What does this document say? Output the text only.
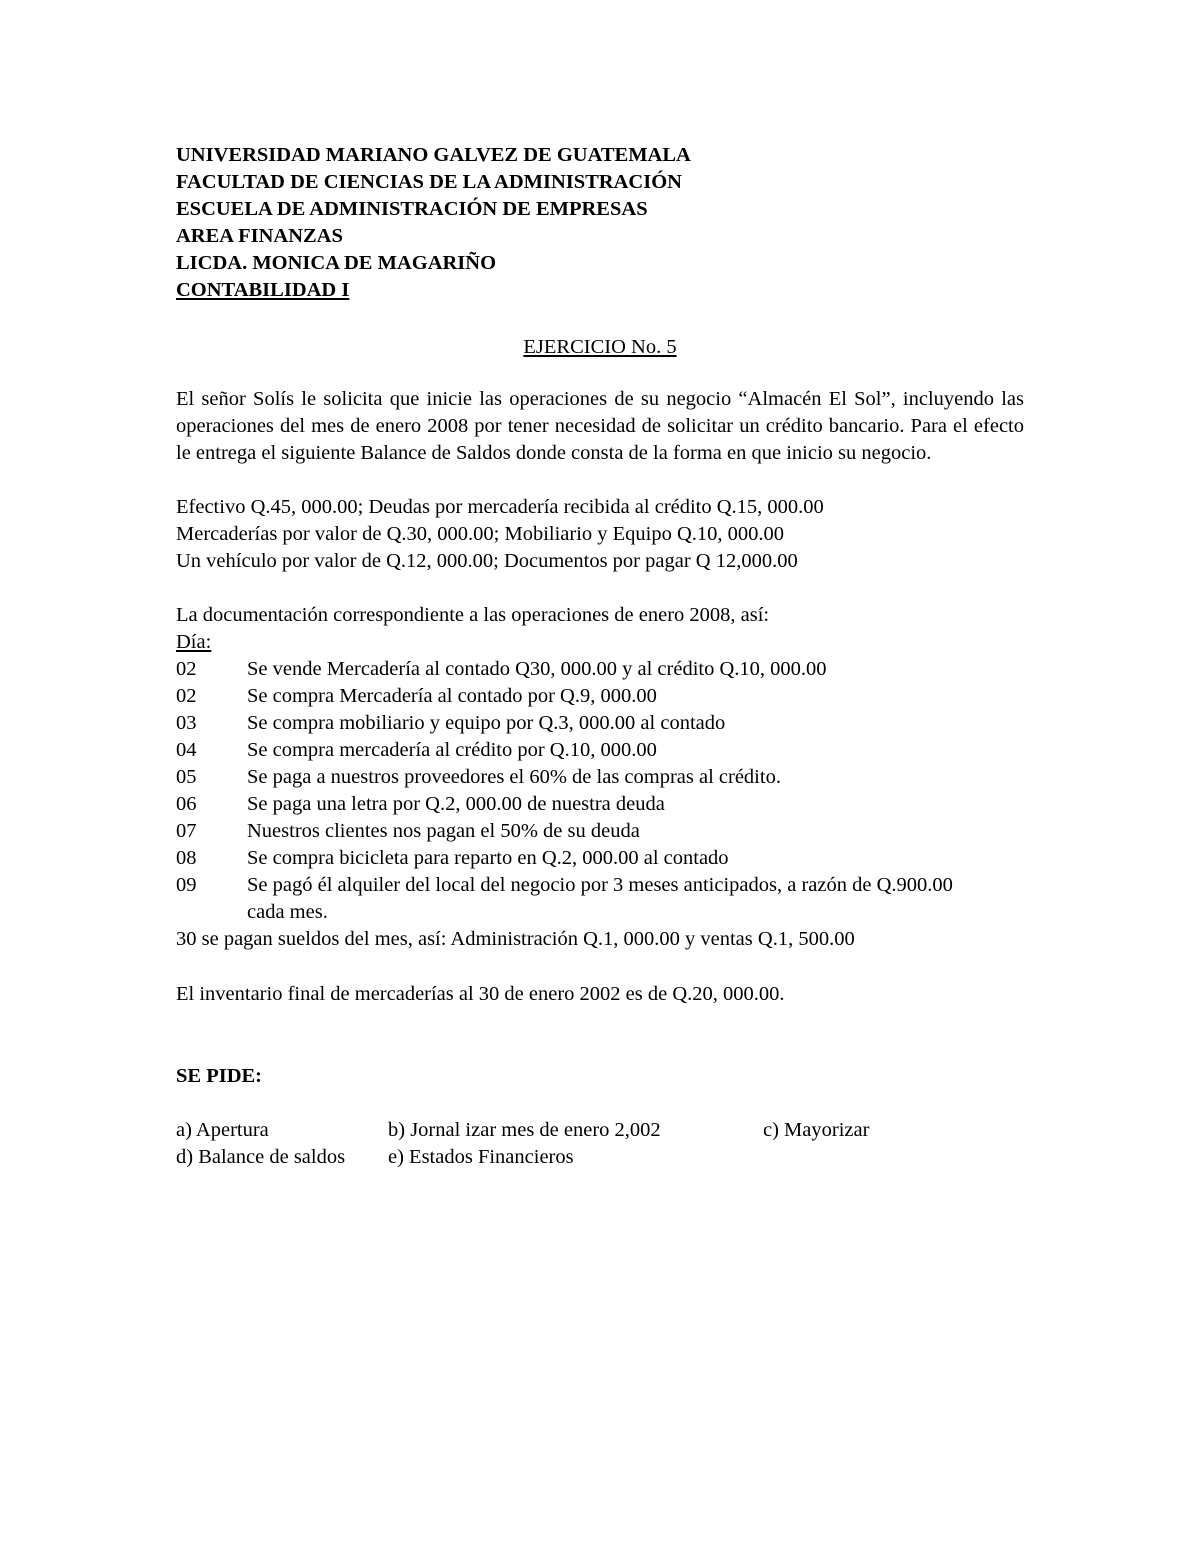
UNIVERSIDAD MARIANO GALVEZ DE GUATEMALA
FACULTAD DE CIENCIAS DE LA ADMINISTRACIÓN
ESCUELA DE ADMINISTRACIÓN DE EMPRESAS
AREA FINANZAS
LICDA. MONICA DE MAGARIÑO
CONTABILIDAD I
EJERCICIO No. 5
El señor Solís le solicita que inicie las operaciones de su negocio “Almacén El Sol”, incluyendo las operaciones del mes de enero 2008 por tener necesidad de solicitar un crédito bancario. Para el efecto le entrega el siguiente Balance de Saldos donde consta de la forma en que inicio su negocio.
Efectivo Q.45, 000.00; Deudas por mercadería recibida al crédito Q.15, 000.00
Mercaderías por valor de Q.30, 000.00; Mobiliario y Equipo Q.10, 000.00
Un vehículo por valor de Q.12, 000.00; Documentos por pagar Q 12,000.00
La documentación correspondiente a las operaciones de enero 2008, así:
Día:
02 Se vende Mercadería al contado Q30, 000.00 y al crédito Q.10, 000.00
02 Se compra Mercadería al contado por Q.9, 000.00
03 Se compra mobiliario y equipo por Q.3, 000.00 al contado
04 Se compra mercadería al crédito por Q.10, 000.00
05 Se paga a nuestros proveedores el 60% de las compras al crédito.
06 Se paga una letra por Q.2, 000.00 de nuestra deuda
07 Nuestros clientes nos pagan el 50% de su deuda
08 Se compra bicicleta para reparto en Q.2, 000.00 al contado
09 Se pagó él alquiler del local del negocio por 3 meses anticipados, a razón de Q.900.00 cada mes.
30 se pagan sueldos del mes, así: Administración Q.1, 000.00 y ventas Q.1, 500.00
El inventario final de mercaderías al 30 de enero 2002 es de Q.20, 000.00.
SE PIDE:
a) Apertura	b) Jornal izar mes de enero 2,002	c) Mayorizar
d) Balance de saldos e) Estados Financieros
